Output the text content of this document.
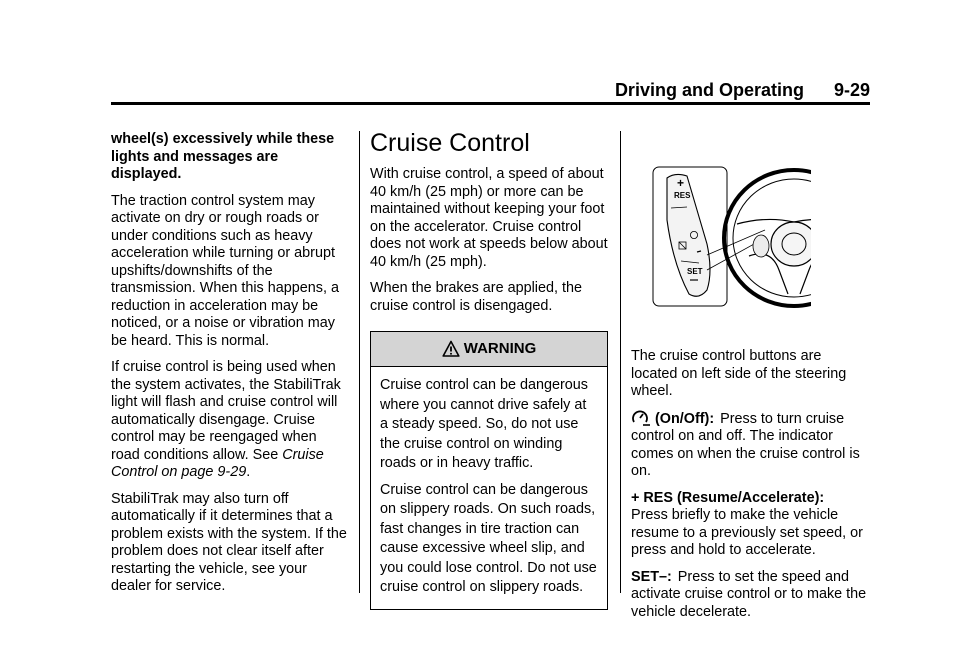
Driving and Operating 9-29

wheel(s) excessively while these lights and messages are displayed.

The traction control system may activate on dry or rough roads or under conditions such as heavy acceleration while turning or abrupt upshifts/downshifts of the transmission. When this happens, a reduction in acceleration may be noticed, or a noise or vibration may be heard. This is normal.

If cruise control is being used when the system activates, the StabiliTrak light will flash and cruise control will automatically disengage. Cruise control may be reengaged when road conditions allow. See Cruise Control on page 9-29.

StabiliTrak may also turn off automatically if it determines that a problem exists with the system. If the problem does not clear itself after restarting the vehicle, see your dealer for service.

Cruise Control

With cruise control, a speed of about 40 km/h (25 mph) or more can be maintained without keeping your foot on the accelerator. Cruise control does not work at speeds below about 40 km/h (25 mph).

When the brakes are applied, the cruise control is disengaged.

WARNING

Cruise control can be dangerous where you cannot drive safely at a steady speed. So, do not use the cruise control on winding roads or in heavy traffic.

Cruise control can be dangerous on slippery roads. On such roads, fast changes in tire traction can cause excessive wheel slip, and you could lose control. Do not use cruise control on slippery roads.

+
RES
SET

The cruise control buttons are located on left side of the steering wheel.

(On/Off): Press to turn cruise control on and off. The indicator comes on when the cruise control is on.

+ RES (Resume/Accelerate):
Press briefly to make the vehicle resume to a previously set speed, or press and hold to accelerate.

SET–: Press to set the speed and activate cruise control or to make the vehicle decelerate.
